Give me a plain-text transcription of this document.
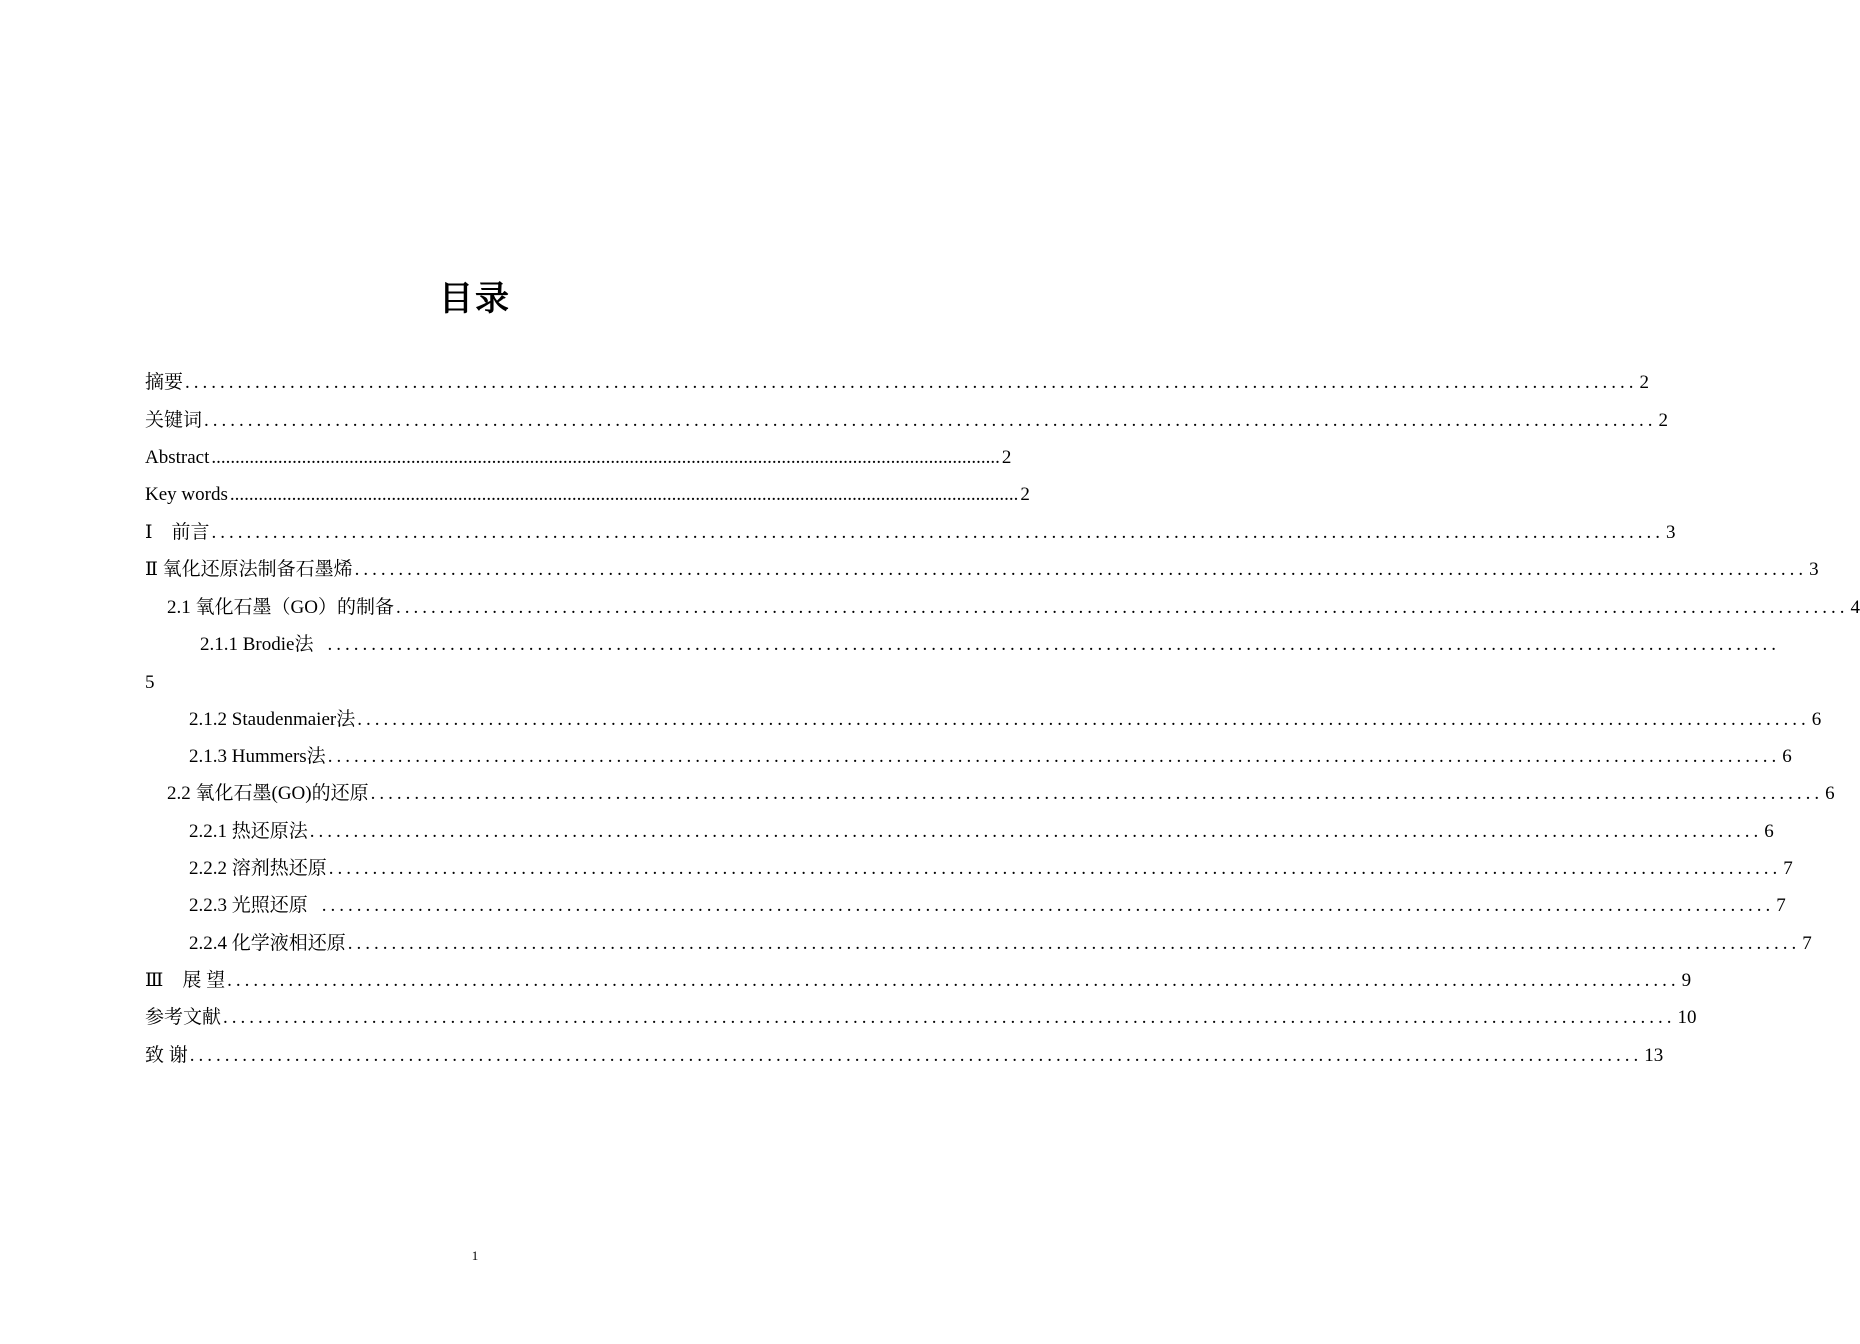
目录
摘要 ...................................................................................................................................................................... 2
关键词 ...................................................................................................................................................................... 2
Abstract ...................................................................................................................................................................... 2
Key words ...................................................................................................................................................................... 2
Ⅰ　前言 ...................................................................................................................................................................... 3
Ⅱ 氧化还原法制备石墨烯 ...................................................................................................................................................................... 3
2.1 氧化石墨（GO）的制备 ...................................................................................................................................................................... 4
2.1.1 Brodie法 ......................................................................................................................................................................
5
2.1.2 Staudenmaier法 ...................................................................................................................................................................... 6
2.1.3 Hummers法 ...................................................................................................................................................................... 6
2.2 氧化石墨(GO)的还原 ...................................................................................................................................................................... 6
2.2.1 热还原法 ...................................................................................................................................................................... 6
2.2.2 溶剂热还原 ...................................................................................................................................................................... 7
2.2.3 光照还原 ...................................................................................................................................................................... 7
2.2.4 化学液相还原 ...................................................................................................................................................................... 7
Ⅲ　展 望 ...................................................................................................................................................................... 9
参考文献 ...................................................................................................................................................................... 10
致 谢 ...................................................................................................................................................................... 13
1
